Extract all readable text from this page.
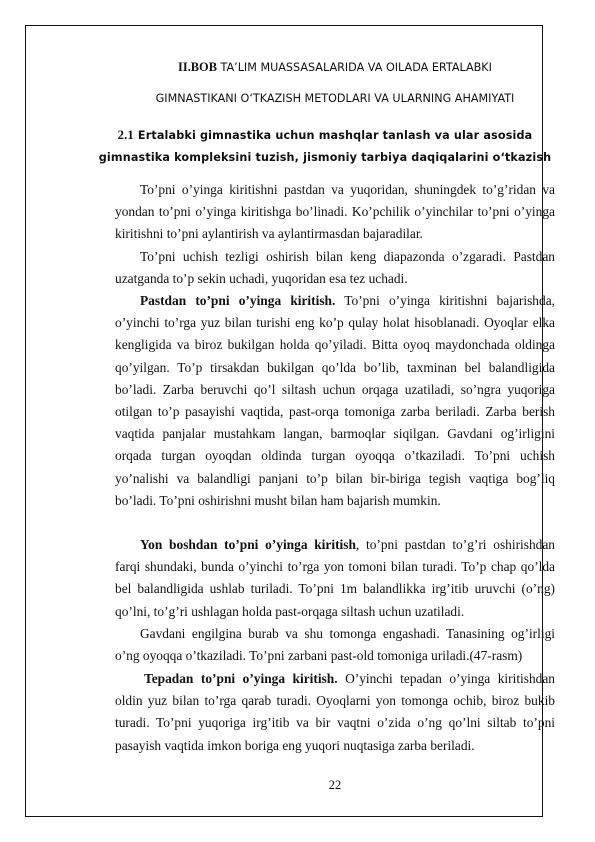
II.BOB TA’LIM MUASSASALARIDA VA OILADA ERTALABKI
GIMNASTIKANI O‘TKAZISH METODLARI VA ULARNING AHAMIYATI
2.1 Ertalabki gimnastika uchun mashqlar tanlash va ular asosida
gimnastika kompleksini tuzish, jismoniy tarbiya daqiqalarini o‘tkazish
To’pni o’yinga kiritishni pastdan va yuqoridan, shuningdek to’g’ridan va yondan to’pni o’yinga kiritishga bo’linadi. Ko’pchilik o’yinchilar to’pni o’yinga kiritishni to’pni aylantirish va aylantirmasdan bajaradilar.
To’pni uchish tezligi oshirish bilan keng diapazonda o’zgaradi. Pastdan uzatganda to’p sekin uchadi, yuqoridan esa tez uchadi.
Pastdan to’pni o’yinga kiritish. To’pni o’yinga kiritishni bajarishda, o’yinchi to’rga yuz bilan turishi eng ko’p qulay holat hisoblanadi. Oyoqlar elka kengligida va biroz bukilgan holda qo’yiladi. Bitta oyoq maydonchada oldinga qo’yilgan. To’p tirsakdan bukilgan qo’lda bo’lib, taxminan bel balandligida bo’ladi. Zarba beruvchi qo’l siltash uchun orqaga uzatiladi, so’ngra yuqoriga otilgan to’p pasayishi vaqtida, past-orqa tomoniga zarba beriladi. Zarba berish vaqtida panjalar mustahkam langan, barmoqlar siqilgan. Gavdani og’irligini orqada turgan oyoqdan oldinda turgan oyoqqa o’tkaziladi. To’pni uchish yo’nalishi va balandligi panjani to’p bilan bir-biriga tegish vaqtiga bog’liq bo’ladi. To’pni oshirishni musht bilan ham bajarish mumkin.
Yon boshdan to’pni o’yinga kiritish, to’pni pastdan to’g’ri oshirishdan farqi shundaki, bunda o’yinchi to’rga yon tomoni bilan turadi. To’p chap qo’lda bel balandligida ushlab turiladi. To’pni 1m balandlikka irg’itib uruvchi (o’ng) qo’lni, to’g’ri ushlagan holda past-orqaga siltash uchun uzatiladi.
Gavdani engilgina burab va shu tomonga engashadi. Tanasining og’irligi o’ng oyoqqa o’tkaziladi. To’pni zarbani past-old tomoniga uriladi.(47-rasm)
Tepadan to’pni o’yinga kiritish. O’yinchi tepadan o’yinga kiritishdan oldin yuz bilan to’rga qarab turadi. Oyoqlarni yon tomonga ochib, biroz bukib turadi. To’pni yuqoriga irg’itib va bir vaqtni o’zida o’ng qo’lni siltab to’pni pasayish vaqtida imkon boriga eng yuqori nuqtasiga zarba beriladi.
22
